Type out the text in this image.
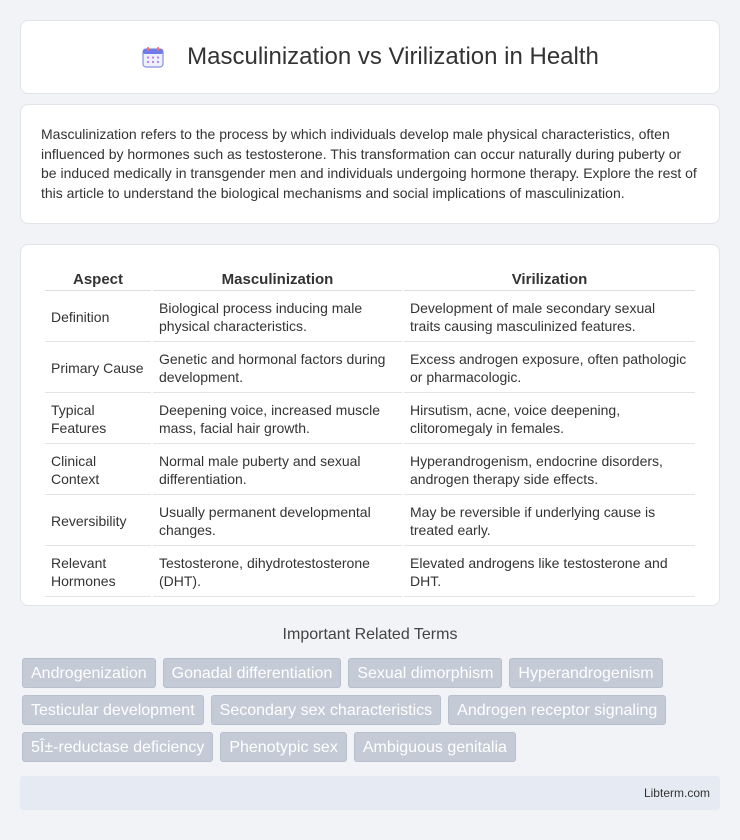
Masculinization vs Virilization in Health

Masculinization refers to the process by which individuals develop male physical characteristics, often influenced by hormones such as testosterone. This transformation can occur naturally during puberty or be induced medically in transgender men and individuals undergoing hormone therapy. Explore the rest of this article to understand the biological mechanisms and social implications of masculinization.

Aspect	Masculinization	Virilization
Definition	Biological process inducing male physical characteristics.	Development of male secondary sexual traits causing masculinized features.
Primary Cause	Genetic and hormonal factors during development.	Excess androgen exposure, often pathologic or pharmacologic.
Typical Features	Deepening voice, increased muscle mass, facial hair growth.	Hirsutism, acne, voice deepening, clitoromegaly in females.
Clinical Context	Normal male puberty and sexual differentiation.	Hyperandrogenism, endocrine disorders, androgen therapy side effects.
Reversibility	Usually permanent developmental changes.	May be reversible if underlying cause is treated early.
Relevant Hormones	Testosterone, dihydrotestosterone (DHT).	Elevated androgens like testosterone and DHT.
Important Related Terms
Androgenization	Gonadal differentiation	Sexual dimorphism	Hyperandrogenism
Testicular development	Secondary sex characteristics	Androgen receptor signaling
5Î±-reductase deficiency	Phenotypic sex	Ambiguous genitalia
Libterm.com
